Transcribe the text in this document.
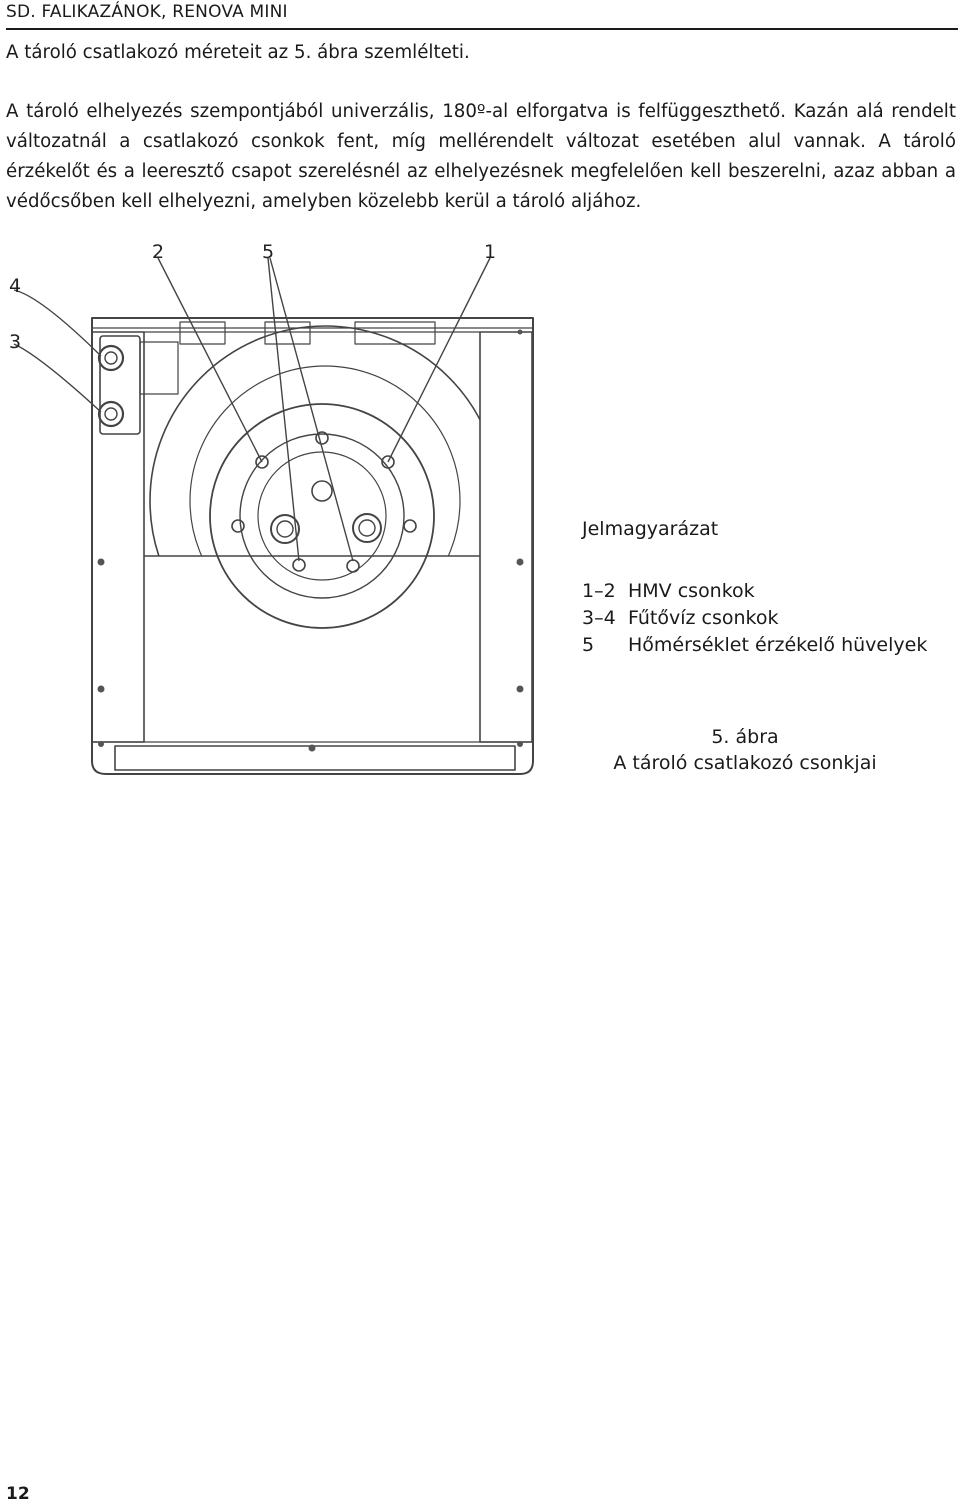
SD. FALIKAZÁNOK, RENOVA MINI

A tároló csatlakozó méreteit az 5. ábra szemlélteti.

A tároló elhelyezés szempontjából univerzális, 180º-al elforgatva is felfüggeszthető. Kazán alá rendelt változatnál a csatlakozó csonkok fent, míg mellérendelt változat esetében alul vannak. A tároló érzékelőt és a leeresztő csapot szerelésnél az elhelyezésnek megfelelően kell beszerelni, azaz abban a védőcsőben kell elhelyezni, amelyben közelebb kerül a tároló aljához.

4
3
2	5	1
Jelmagyarázat
1–2 HMV csonkok
3–4 Fűtővíz csonkok
5	Hőmérséklet érzékelő hüvelyek
5. ábra
A tároló csatlakozó csonkjai
12
